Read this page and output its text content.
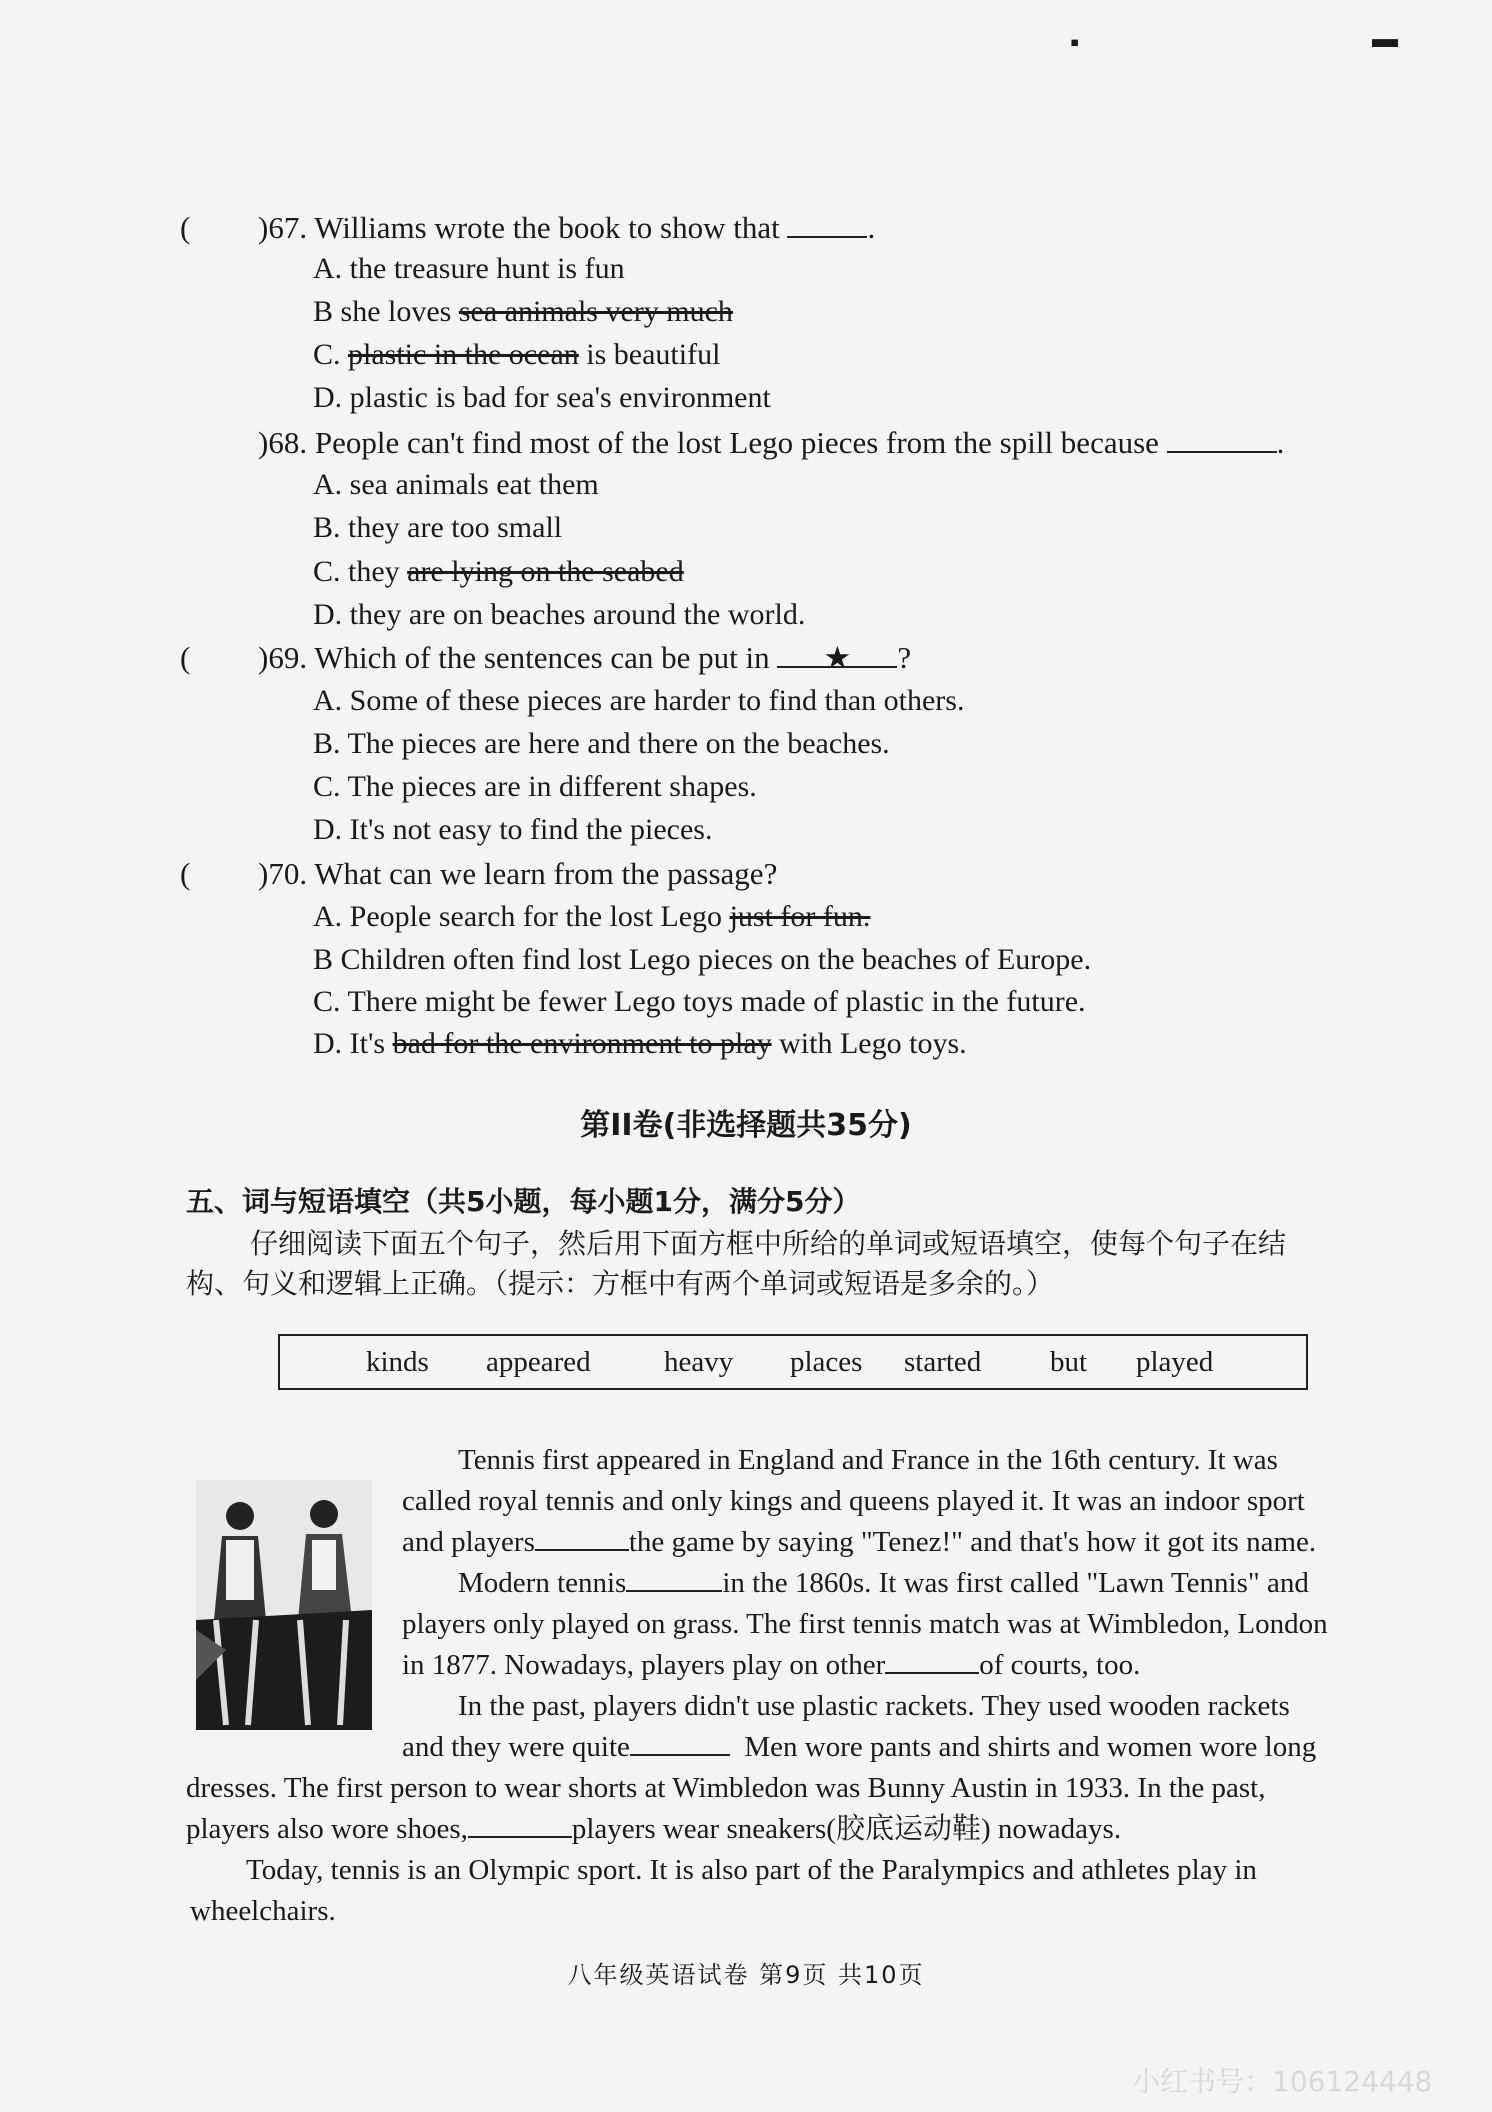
( )67. Williams wrote the book to show that	.
A. the treasure hunt is fun
B she loves sea animals very much
C. plastic in the ocean is beautiful
D. plastic is bad for sea's environment
)68. People can't find most of the lost Lego pieces from the spill because	.
A. sea animals eat them
B. they are too small
C. they are lying on the seabed
D. they are on beaches around the world.
( )69. Which of the sentences can be put in ★ ?
A. Some of these pieces are harder to find than others.
B. The pieces are here and there on the beaches.
C. The pieces are in different shapes.
D. It's not easy to find the pieces.
( )70. What can we learn from the passage?
A. People search for the lost Lego just for fun.
B Children often find lost Lego pieces on the beaches of Europe.
C. There might be fewer Lego toys made of plastic in the future.
D. It's bad for the environment to play with Lego toys.
第II卷(非选择题共35分)
五、词与短语填空（共5小题，每小题1分，满分5分）
仔细阅读下面五个句子，然后用下面方框中所给的单词或短语填空，使每个句子在结
构、句义和逻辑上正确。（提示：方框中有两个单词或短语是多余的。）
kinds appeared	heavy places started but played
Tennis first appeared in England and France in the 16th century. It was
called royal tennis and only kings and queens played it. It was an indoor sport
and players	the game by saying "Tenez!" and that's how it got its name.
Modern tennis	in the 1860s. It was first called "Lawn Tennis" and
players only played on grass. The first tennis match was at Wimbledon, London
in 1877. Nowadays, players play on other	of courts, too.
In the past, players didn't use plastic rackets. They used wooden rackets
and they were quite	Men wore pants and shirts and women wore long
dresses. The first person to wear shorts at Wimbledon was Bunny Austin in 1933. In the past,
players also wore shoes,	players wear sneakers(胶底运动鞋) nowadays.
Today, tennis is an Olympic sport. It is also part of the Paralympics and athletes play in
wheelchairs.
八年级英语试卷 第9页 共10页
小红书号：106124448
▪	▬
